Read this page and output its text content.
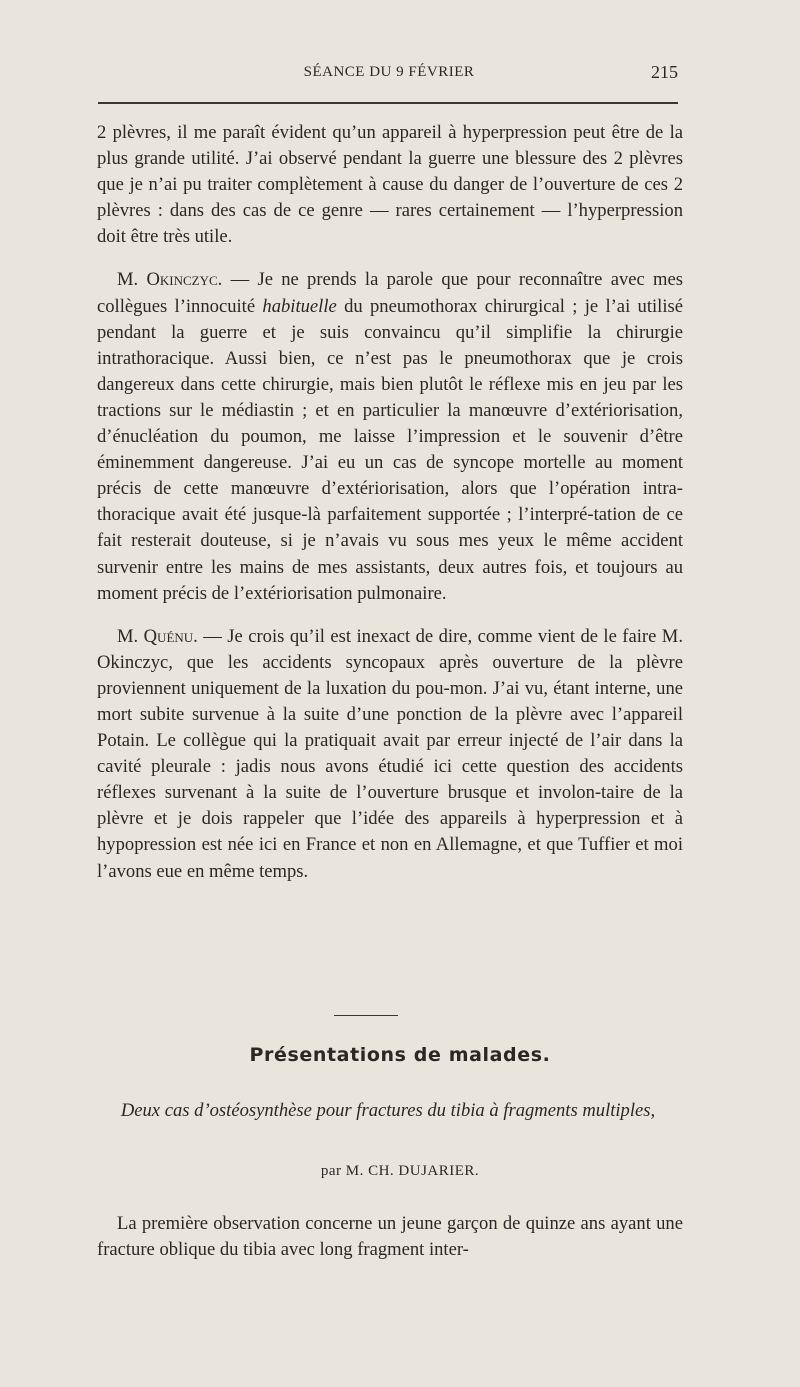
SÉANCE DU 9 FÉVRIER	215

2 plèvres, il me paraît évident qu’un appareil à hyperpression peut être de la plus grande utilité. J’ai observé pendant la guerre une blessure des 2 plèvres que je n’ai pu traiter complètement à cause du danger de l’ouverture de ces 2 plèvres : dans des cas de ce genre — rares certainement — l’hyperpression doit être très utile.

M. Okinczyc. — Je ne prends la parole que pour reconnaître avec mes collègues l’innocuité habituelle du pneumothorax chirurgical ; je l’ai utilisé pendant la guerre et je suis convaincu qu’il simplifie la chirurgie intrathoracique. Aussi bien, ce n’est pas le pneumothorax que je crois dangereux dans cette chirurgie, mais bien plutôt le réflexe mis en jeu par les tractions sur le médiastin ; et en particulier la manœuvre d’extériorisation, d’énucléation du poumon, me laisse l’impression et le souvenir d’être éminemment dangereuse. J’ai eu un cas de syncope mortelle au moment précis de cette manœuvre d’extériorisation, alors que l’opération intra-thoracique avait été jusque-là parfaitement supportée ; l’interpré-tation de ce fait resterait douteuse, si je n’avais vu sous mes yeux le même accident survenir entre les mains de mes assistants, deux autres fois, et toujours au moment précis de l’extériorisation pulmonaire.

M. Quénu. — Je crois qu’il est inexact de dire, comme vient de le faire M. Okinczyc, que les accidents syncopaux après ouverture de la plèvre proviennent uniquement de la luxation du pou-mon. J’ai vu, étant interne, une mort subite survenue à la suite d’une ponction de la plèvre avec l’appareil Potain. Le collègue qui la pratiquait avait par erreur injecté de l’air dans la cavité pleurale : jadis nous avons étudié ici cette question des accidents réflexes survenant à la suite de l’ouverture brusque et involon-taire de la plèvre et je dois rappeler que l’idée des appareils à hyperpression et à hypopression est née ici en France et non en Allemagne, et que Tuffier et moi l’avons eue en même temps.

Présentations de malades.
Deux cas d’ostéosynthèse pour fractures du tibia à fragments multiples,
par M. CH. DUJARIER.

La première observation concerne un jeune garçon de quinze ans ayant une fracture oblique du tibia avec long fragment inter-
